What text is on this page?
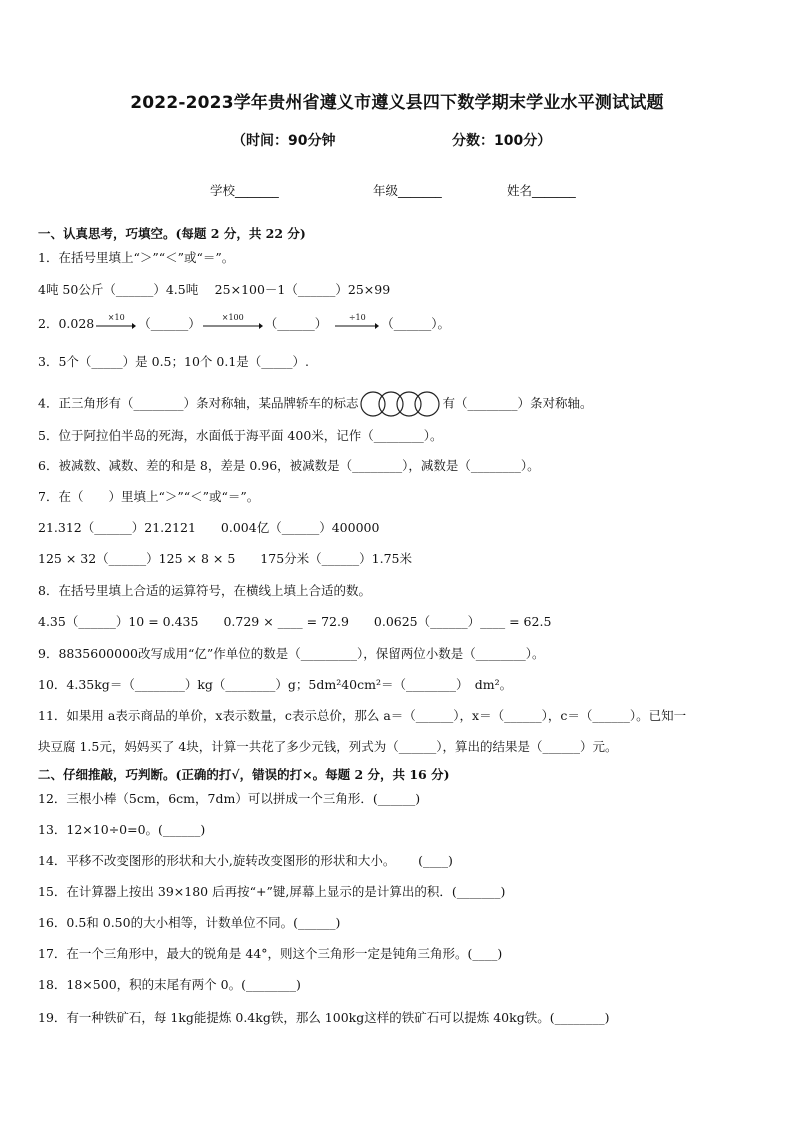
2022-2023学年贵州省遵义市遵义县四下数学期末学业水平测试试题
（时间：90分钟	分数：100分）
学校_______	年级_______	姓名_______
一、认真思考，巧填空。(每题 2 分，共 22 分)
1．在括号里填上“＞”“＜”或“＝”。
4吨 50公斤（______）4.5吨　 25×100－1（______）25×99
2．0.028	×10	（______）	×100	（______）	÷10	（______）。
3．5个（_____）是 0.5；10个 0.1是（_____）.
4．正三角形有（________）条对称轴，某品牌轿车的标志	有（________）条对称轴。
5．位于阿拉伯半岛的死海，水面低于海平面 400米，记作（________）。
6．被减数、减数、差的和是 8，差是 0.96，被减数是（________），减数是（________）。
7．在（　　）里填上“＞”“＜”或“＝”。
21.312（______）21.2121　　0.004亿（______）400000
125 × 32（______）125 × 8 × 5　　175分米（______）1.75米
8．在括号里填上合适的运算符号，在横线上填上合适的数。
4.35（______）10 = 0.435　　0.729 × ____ = 72.9　　0.0625（______）____ = 62.5
9．8835600000改写成用“亿”作单位的数是（_________），保留两位小数是（________）。
10．4.35kg＝（________）kg（________）g；5dm²40cm²＝（________）　dm²。
11．如果用 a表示商品的单价，x表示数量，c表示总价，那么 a＝（______），x＝（______），c＝（______）。已知一
块豆腐 1.5元，妈妈买了 4块，计算一共花了多少元钱，列式为（______），算出的结果是（______）元。
二、仔细推敲，巧判断。(正确的打√，错误的打×。每题 2 分，共 16 分)
12．三根小棒（5cm，6cm，7dm）可以拼成一个三角形．(______)
13．12×10÷0=0。(______)
14．平移不改变图形的形状和大小,旋转改变图形的形状和大小。　　 (____)
15．在计算器上按出 39×180 后再按“+”键,屏幕上显示的是计算出的积．(_______)
16．0.5和 0.50的大小相等，计数单位不同。(______)
17．在一个三角形中，最大的锐角是 44°，则这个三角形一定是钝角三角形。(____)
18．18×500，积的末尾有两个 0。(________)
19．有一种铁矿石，每 1kg能提炼 0.4kg铁，那么 100kg这样的铁矿石可以提炼 40kg铁。(________)
